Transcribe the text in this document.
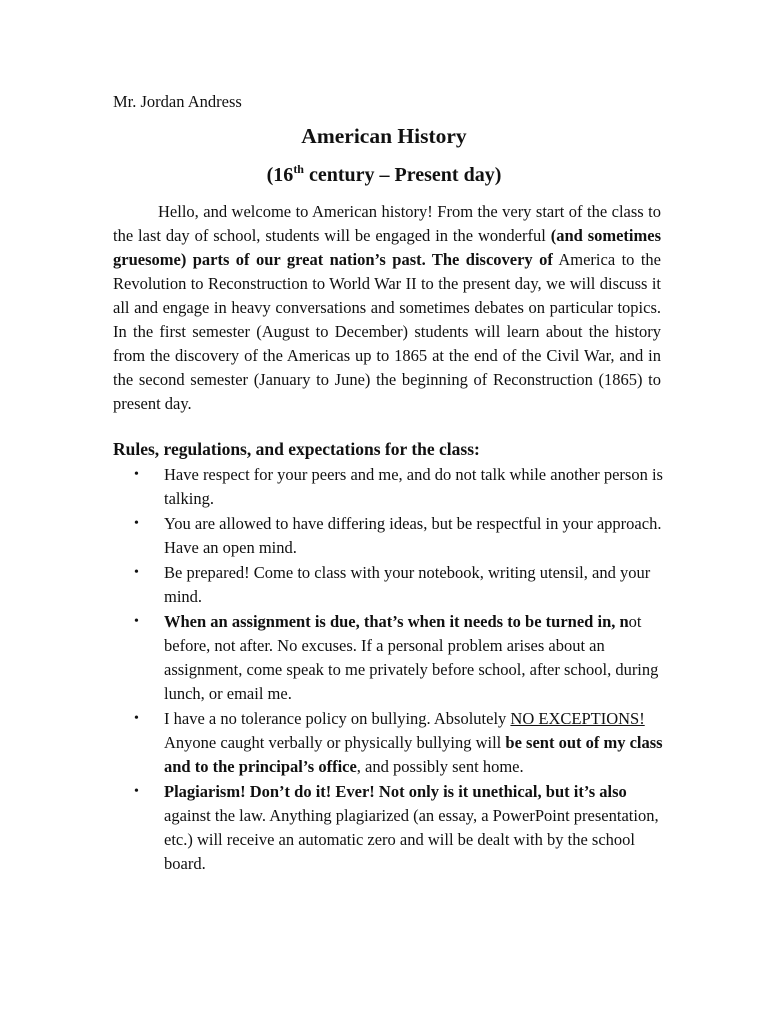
Mr. Jordan Andress
American History
(16th century – Present day)

Hello, and welcome to American history! From the very start of the class to the last day of school, students will be engaged in the wonderful (and sometimes gruesome) parts of our great nation’s past. The discovery of America to the Revolution to Reconstruction to World War II to the present day, we will discuss it all and engage in heavy conversations and sometimes debates on particular topics. In the first semester (August to December) students will learn about the history from the discovery of the Americas up to 1865 at the end of the Civil War, and in the second semester (January to June) the beginning of Reconstruction (1865) to present day.

Rules, regulations, and expectations for the class:
• Have respect for your peers and me, and do not talk while another person is talking.
• You are allowed to have differing ideas, but be respectful in your approach. Have an open mind.
• Be prepared! Come to class with your notebook, writing utensil, and your mind.
• When an assignment is due, that’s when it needs to be turned in, not before, not after. No excuses. If a personal problem arises about an assignment, come speak to me privately before school, after school, during lunch, or email me.
• I have a no tolerance policy on bullying. Absolutely NO EXCEPTIONS! Anyone caught verbally or physically bullying will be sent out of my class and to the principal’s office, and possibly sent home.
• Plagiarism! Don’t do it! Ever! Not only is it unethical, but it’s also against the law. Anything plagiarized (an essay, a PowerPoint presentation, etc.) will receive an automatic zero and will be dealt with by the school board.
